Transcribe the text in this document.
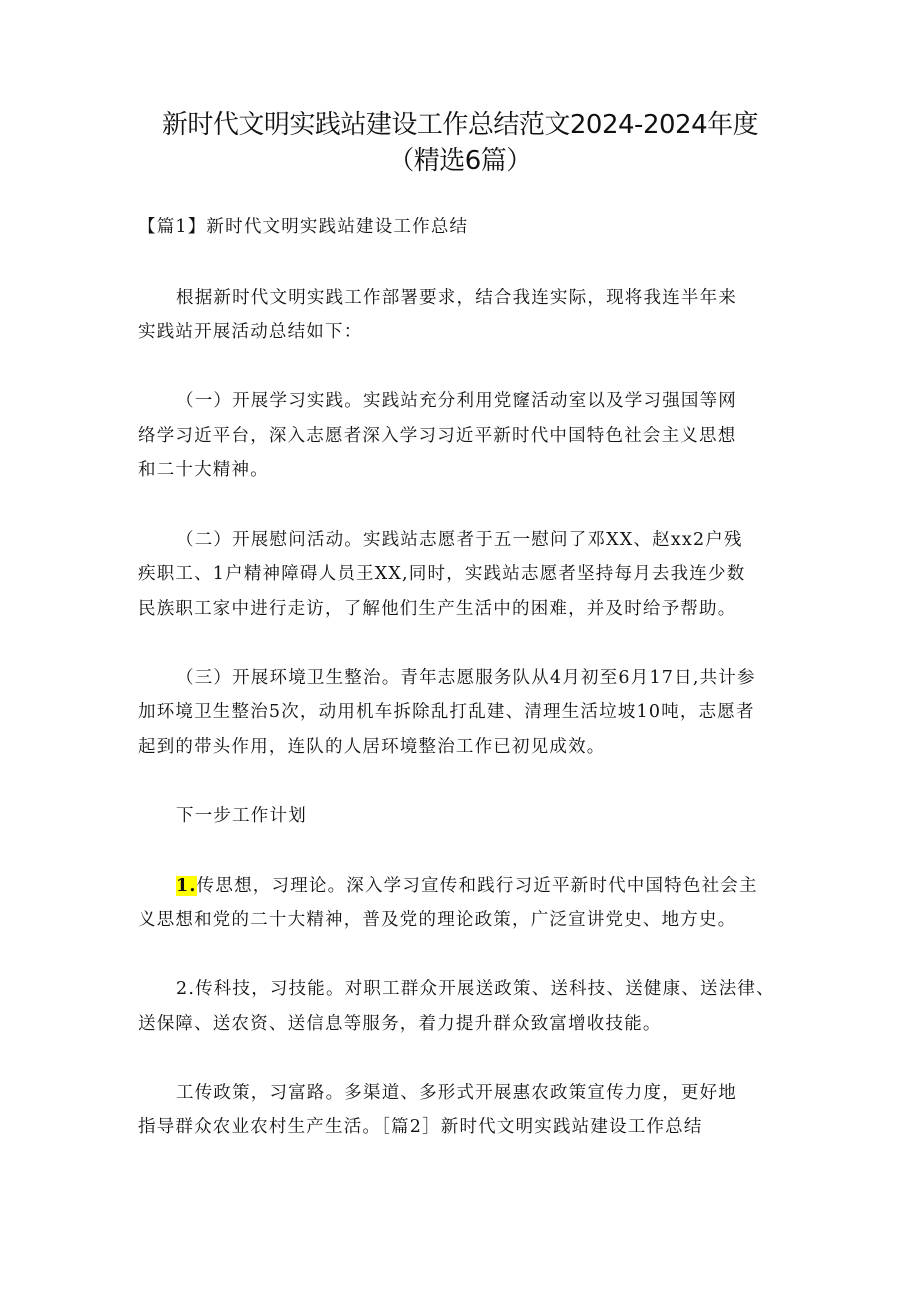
新时代文明实践站建设工作总结范文2024-2024年度
（精选6篇）
【篇1】新时代文明实践站建设工作总结
根据新时代文明实践工作部署要求，结合我连实际，现将我连半年来
实践站开展活动总结如下：
（一）开展学习实践。实践站充分利用党窿活动室以及学习强国等网
络学习近平台，深入志愿者深入学习习近平新时代中国特色社会主义思想
和二十大精神。
（二）开展慰问活动。实践站志愿者于五一慰问了邓XX、赵xx2户残
疾职工、1户精神障碍人员王XX,同时，实践站志愿者坚持每月去我连少数
民族职工家中进行走访，了解他们生产生活中的困难，并及时给予帮助。
（三）开展环境卫生整治。青年志愿服务队从4月初至6月17日,共计参
加环境卫生整治5次，动用机车拆除乱打乱建、清理生活垃坡10吨，志愿者
起到的带头作用，连队的人居环境整治工作已初见成效。
下一步工作计划
1.传思想，习理论。深入学习宣传和践行习近平新时代中国特色社会主
义思想和党的二十大精神，普及党的理论政策，广泛宣讲党史、地方史。
2.传科技，习技能。对职工群众开展送政策、送科技、送健康、送法律、
送保障、送农资、送信息等服务，着力提升群众致富增收技能。
工传政策，习富路。多渠道、多形式开展惠农政策宣传力度，更好地
指导群众农业农村生产生活。［篇2］新时代文明实践站建设工作总结
